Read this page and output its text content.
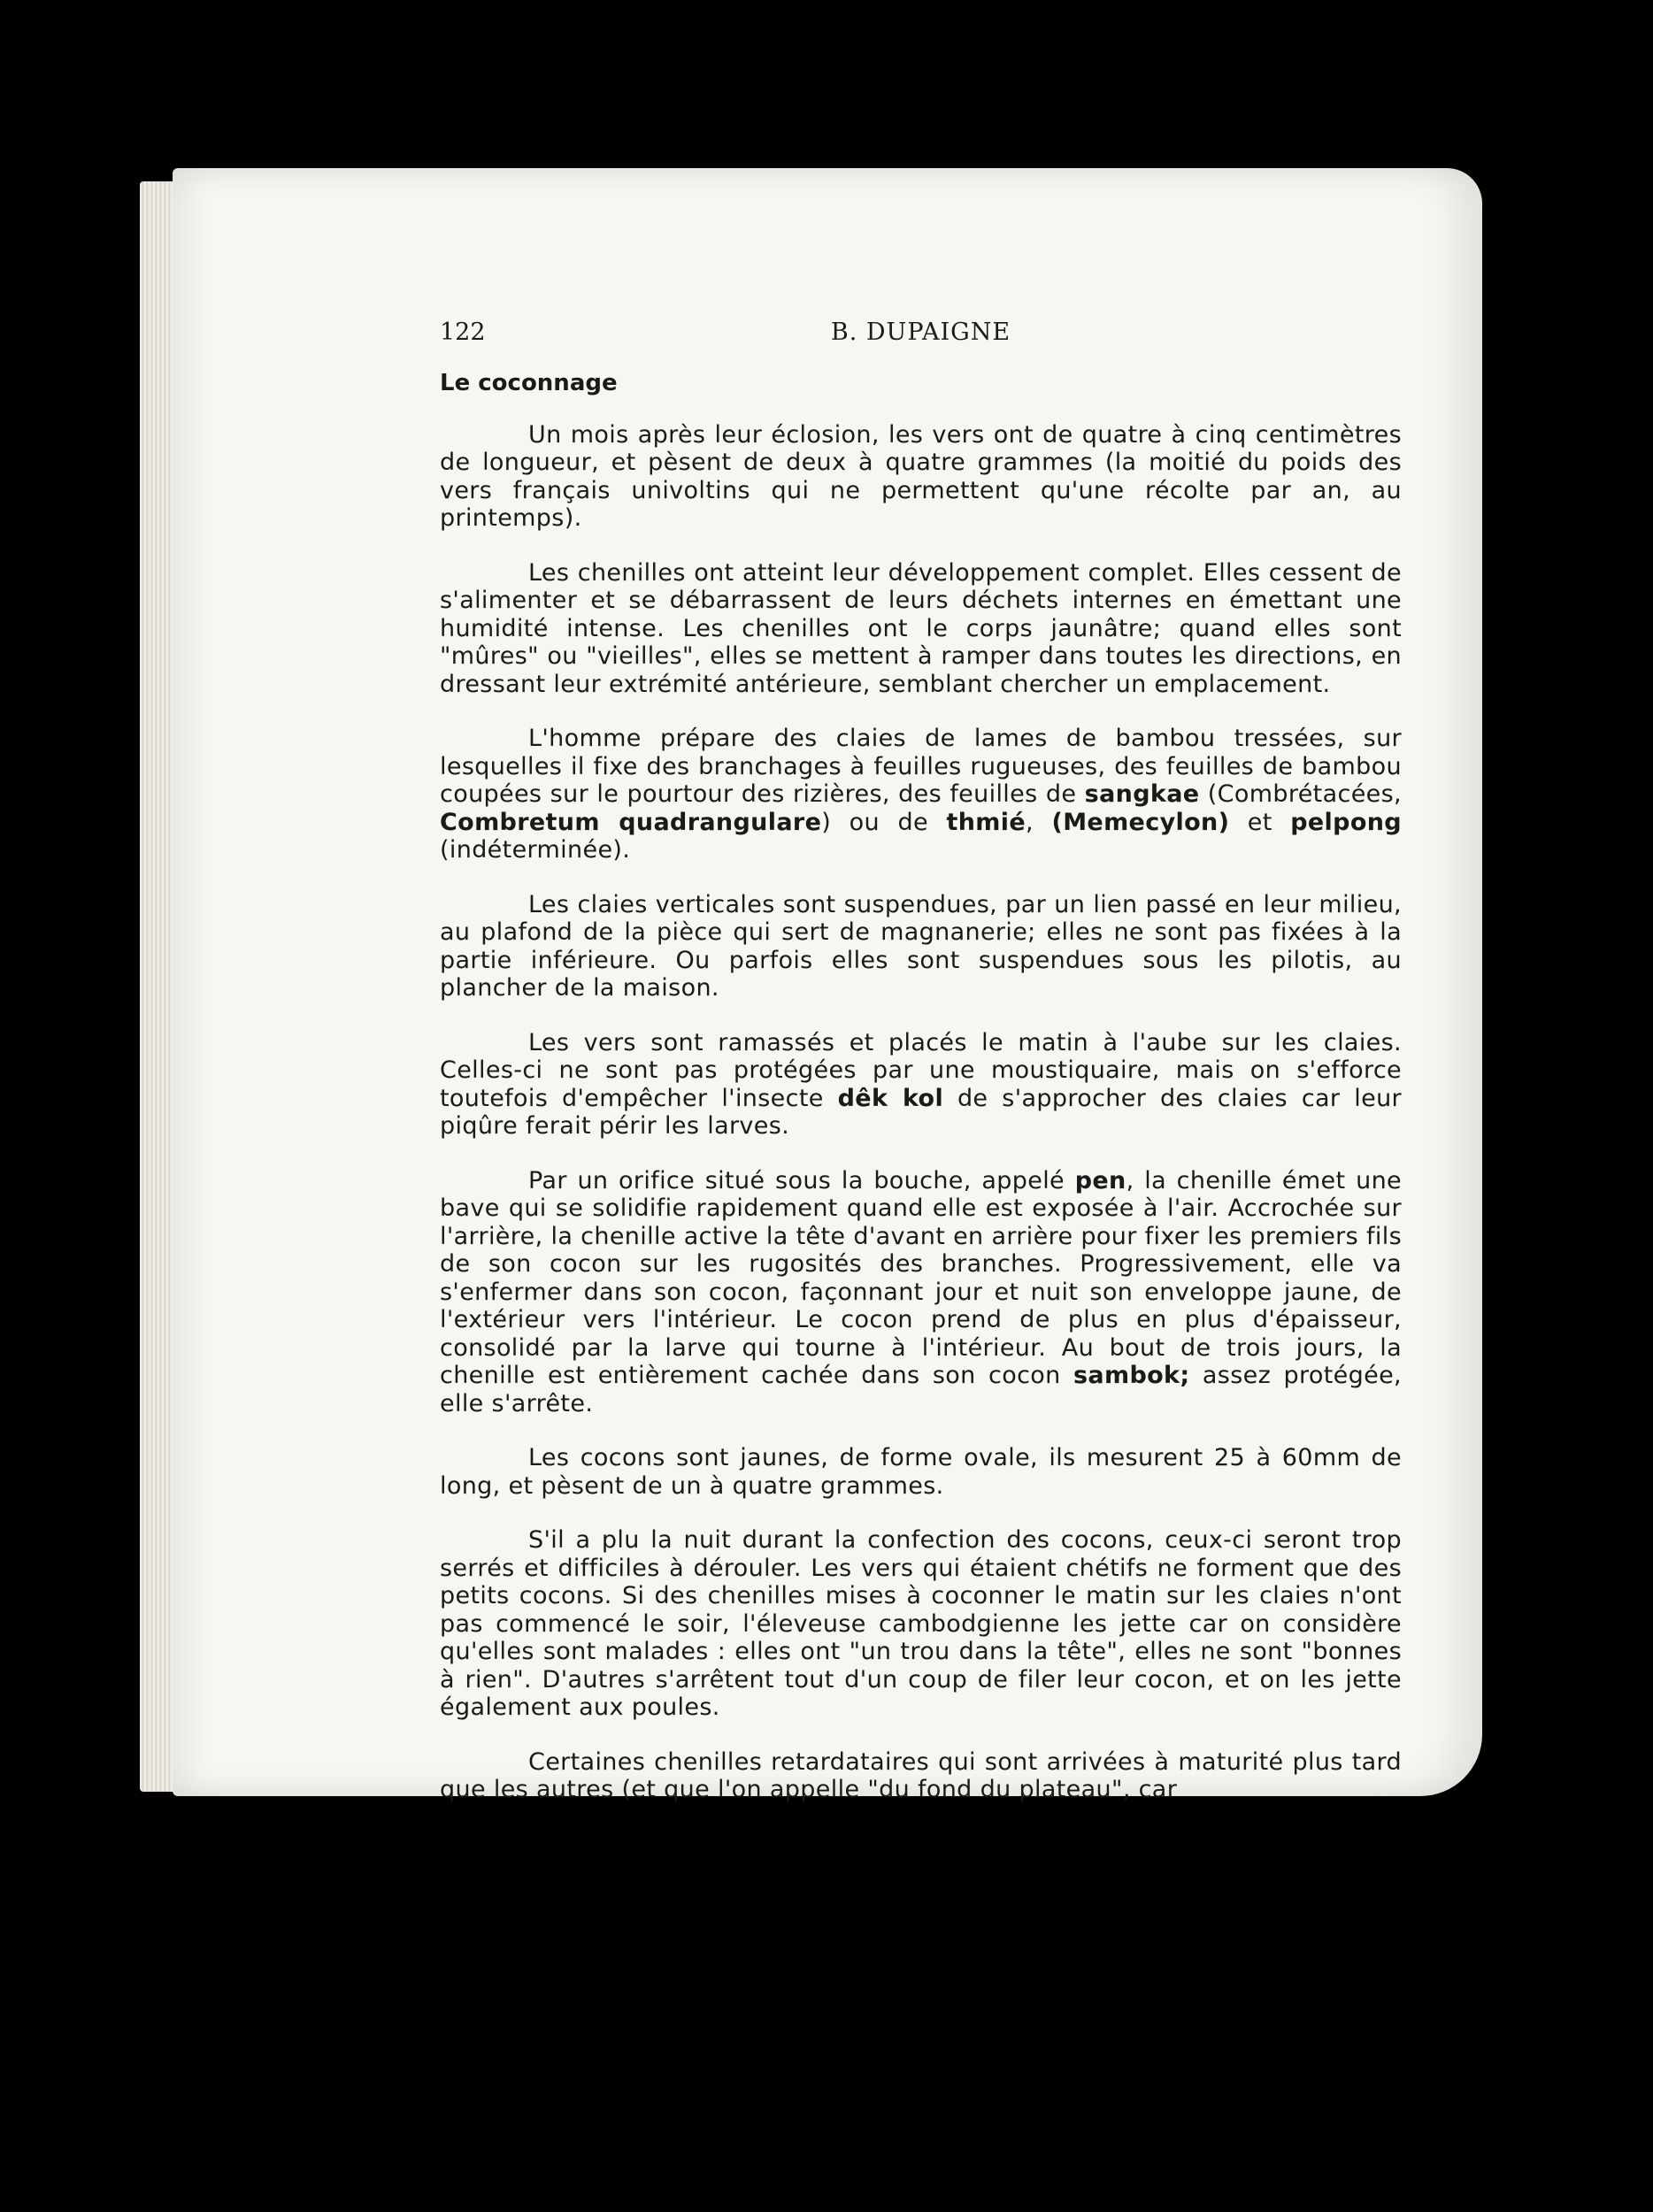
122	B. DUPAIGNE
Le coconnage

Un mois après leur éclosion, les vers ont de quatre à cinq centimètres de longueur, et pèsent de deux à quatre grammes (la moitié du poids des vers français univoltins qui ne permettent qu'une récolte par an, au printemps).

Les chenilles ont atteint leur développement complet. Elles cessent de s'alimenter et se débarrassent de leurs déchets internes en émettant une humidité intense. Les chenilles ont le corps jaunâtre; quand elles sont "mûres" ou "vieilles", elles se mettent à ramper dans toutes les directions, en dressant leur extrémité antérieure, semblant chercher un emplacement.

L'homme prépare des claies de lames de bambou tressées, sur lesquelles il fixe des branchages à feuilles rugueuses, des feuilles de bambou coupées sur le pourtour des rizières, des feuilles de sangkae (Combrétacées, Combretum quadrangulare) ou de thmié, (Memecylon) et pelpong (indéterminée).

Les claies verticales sont suspendues, par un lien passé en leur milieu, au plafond de la pièce qui sert de magnanerie; elles ne sont pas fixées à la partie inférieure. Ou parfois elles sont suspendues sous les pilotis, au plancher de la maison.

Les vers sont ramassés et placés le matin à l'aube sur les claies. Celles-ci ne sont pas protégées par une moustiquaire, mais on s'efforce toutefois d'empêcher l'insecte dêk kol de s'approcher des claies car leur piqûre ferait périr les larves.

Par un orifice situé sous la bouche, appelé pen, la chenille émet une bave qui se solidifie rapidement quand elle est exposée à l'air. Accrochée sur l'arrière, la chenille active la tête d'avant en arrière pour fixer les premiers fils de son cocon sur les rugosités des branches. Progressivement, elle va s'enfermer dans son cocon, façonnant jour et nuit son enveloppe jaune, de l'extérieur vers l'intérieur. Le cocon prend de plus en plus d'épaisseur, consolidé par la larve qui tourne à l'intérieur. Au bout de trois jours, la chenille est entièrement cachée dans son cocon sambok; assez protégée, elle s'arrête.

Les cocons sont jaunes, de forme ovale, ils mesurent 25 à 60mm de long, et pèsent de un à quatre grammes.

S'il a plu la nuit durant la confection des cocons, ceux-ci seront trop serrés et difficiles à dérouler. Les vers qui étaient chétifs ne forment que des petits cocons. Si des chenilles mises à coconner le matin sur les claies n'ont pas commencé le soir, l'éleveuse cambodgienne les jette car on considère qu'elles sont malades : elles ont "un trou dans la tête", elles ne sont "bonnes à rien". D'autres s'arrêtent tout d'un coup de filer leur cocon, et on les jette également aux poules.

Certaines chenilles retardataires qui sont arrivées à maturité plus tard que les autres (et que l'on appelle "du fond du plateau", car
